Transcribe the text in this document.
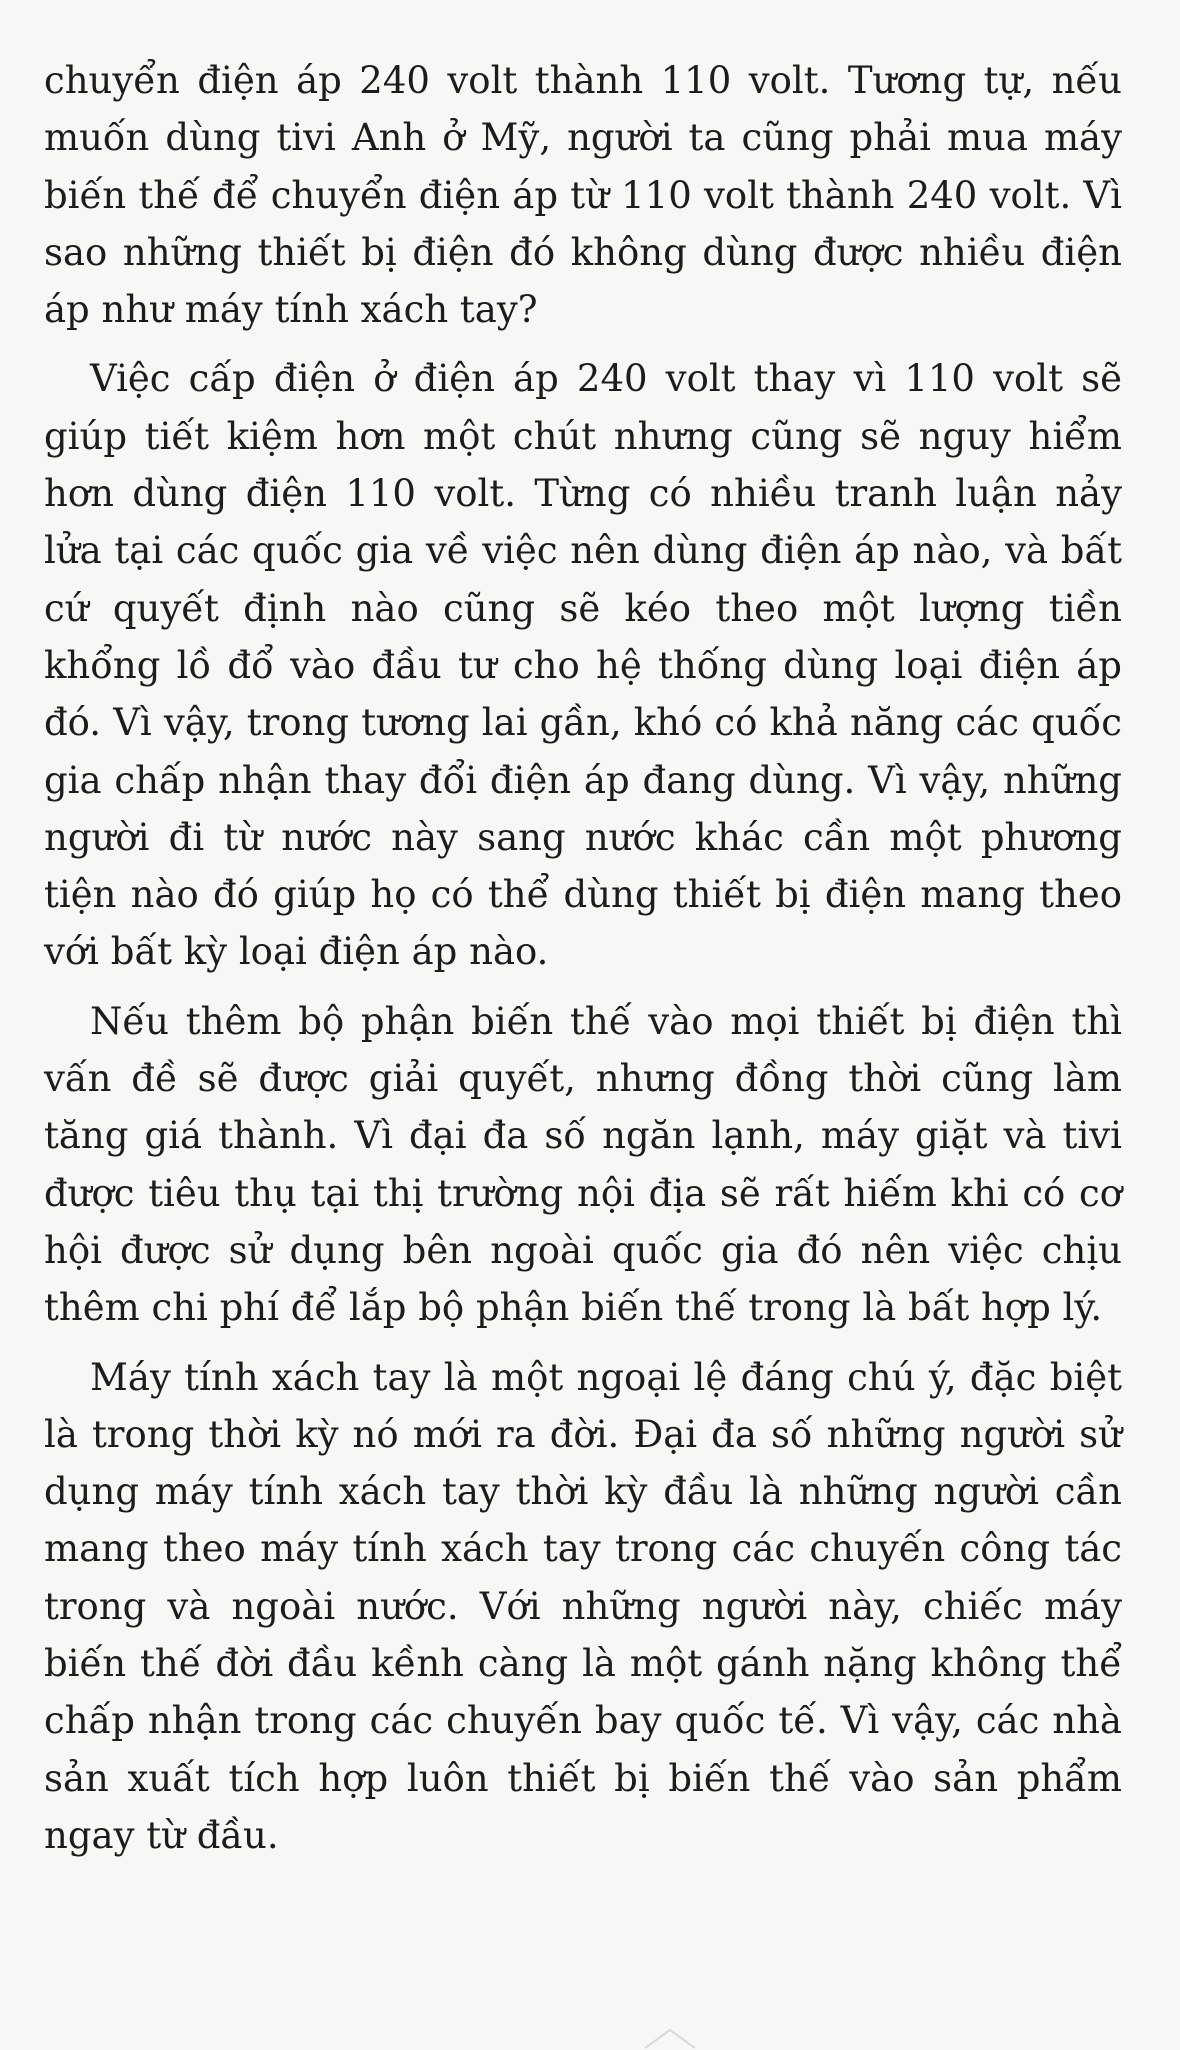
chuyển điện áp 240 volt thành 110 volt. Tương tự, nếu muốn dùng tivi Anh ở Mỹ, người ta cũng phải mua máy biến thế để chuyển điện áp từ 110 volt thành 240 volt. Vì sao những thiết bị điện đó không dùng được nhiều điện áp như máy tính xách tay?

Việc cấp điện ở điện áp 240 volt thay vì 110 volt sẽ giúp tiết kiệm hơn một chút nhưng cũng sẽ nguy hiểm hơn dùng điện 110 volt. Từng có nhiều tranh luận nảy lửa tại các quốc gia về việc nên dùng điện áp nào, và bất cứ quyết định nào cũng sẽ kéo theo một lượng tiền khổng lồ đổ vào đầu tư cho hệ thống dùng loại điện áp đó. Vì vậy, trong tương lai gần, khó có khả năng các quốc gia chấp nhận thay đổi điện áp đang dùng. Vì vậy, những người đi từ nước này sang nước khác cần một phương tiện nào đó giúp họ có thể dùng thiết bị điện mang theo với bất kỳ loại điện áp nào.

Nếu thêm bộ phận biến thế vào mọi thiết bị điện thì vấn đề sẽ được giải quyết, nhưng đồng thời cũng làm tăng giá thành. Vì đại đa số ngăn lạnh, máy giặt và tivi được tiêu thụ tại thị trường nội địa sẽ rất hiếm khi có cơ hội được sử dụng bên ngoài quốc gia đó nên việc chịu thêm chi phí để lắp bộ phận biến thế trong là bất hợp lý.

Máy tính xách tay là một ngoại lệ đáng chú ý, đặc biệt là trong thời kỳ nó mới ra đời. Đại đa số những người sử dụng máy tính xách tay thời kỳ đầu là những người cần mang theo máy tính xách tay trong các chuyến công tác trong và ngoài nước. Với những người này, chiếc máy biến thế đời đầu kềnh càng là một gánh nặng không thể chấp nhận trong các chuyến bay quốc tế. Vì vậy, các nhà sản xuất tích hợp luôn thiết bị biến thế vào sản phẩm ngay từ đầu.
